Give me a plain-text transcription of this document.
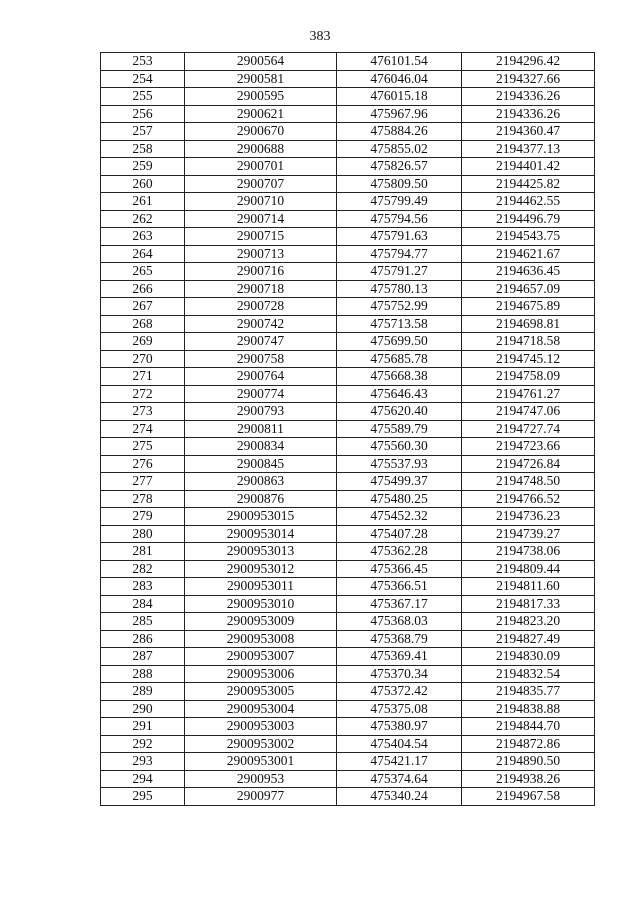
383
253	2900564	476101.54	2194296.42
254	2900581	476046.04	2194327.66
255	2900595	476015.18	2194336.26
256	2900621	475967.96	2194336.26
257	2900670	475884.26	2194360.47
258	2900688	475855.02	2194377.13
259	2900701	475826.57	2194401.42
260	2900707	475809.50	2194425.82
261	2900710	475799.49	2194462.55
262	2900714	475794.56	2194496.79
263	2900715	475791.63	2194543.75
264	2900713	475794.77	2194621.67
265	2900716	475791.27	2194636.45
266	2900718	475780.13	2194657.09
267	2900728	475752.99	2194675.89
268	2900742	475713.58	2194698.81
269	2900747	475699.50	2194718.58
270	2900758	475685.78	2194745.12
271	2900764	475668.38	2194758.09
272	2900774	475646.43	2194761.27
273	2900793	475620.40	2194747.06
274	2900811	475589.79	2194727.74
275	2900834	475560.30	2194723.66
276	2900845	475537.93	2194726.84
277	2900863	475499.37	2194748.50
278	2900876	475480.25	2194766.52
279	2900953015	475452.32	2194736.23
280	2900953014	475407.28	2194739.27
281	2900953013	475362.28	2194738.06
282	2900953012	475366.45	2194809.44
283	2900953011	475366.51	2194811.60
284	2900953010	475367.17	2194817.33
285	2900953009	475368.03	2194823.20
286	2900953008	475368.79	2194827.49
287	2900953007	475369.41	2194830.09
288	2900953006	475370.34	2194832.54
289	2900953005	475372.42	2194835.77
290	2900953004	475375.08	2194838.88
291	2900953003	475380.97	2194844.70
292	2900953002	475404.54	2194872.86
293	2900953001	475421.17	2194890.50
294	2900953	475374.64	2194938.26
295	2900977	475340.24	2194967.58
